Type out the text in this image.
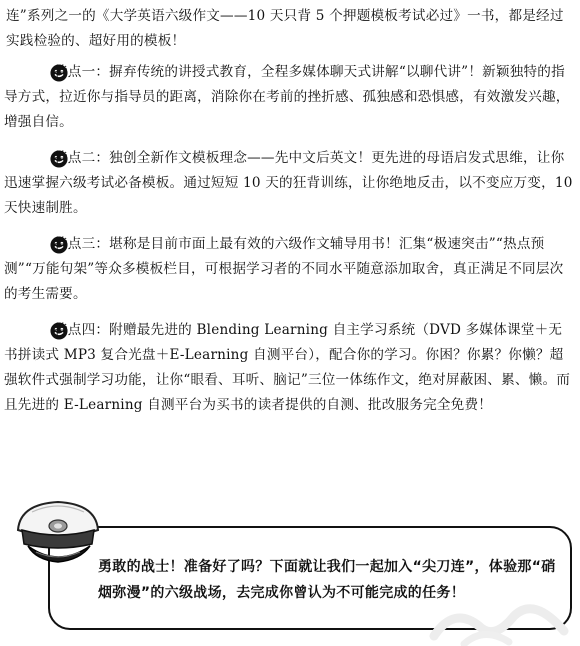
连”系列之一的《大学英语六级作文——10 天只背 5 个押题模板考试必过》一书，都是经过实践检验的、超好用的模板！
特点一：摒弃传统的讲授式教育，全程多媒体聊天式讲解“以聊代讲”！新颖独特的指导方式，拉近你与指导员的距离，消除你在考前的挫折感、孤独感和恐惧感，有效激发兴趣，增强自信。
特点二：独创全新作文模板理念——先中文后英文！更先进的母语启发式思维，让你迅速掌握六级考试必备模板。通过短短 10 天的狂背训练，让你绝地反击，以不变应万变，10 天快速制胜。
特点三：堪称是目前市面上最有效的六级作文辅导用书！汇集“极速突击”“热点预测”“万能句架”等众多模板栏目，可根据学习者的不同水平随意添加取舍，真正满足不同层次的考生需要。
特点四：附赠最先进的 Blending Learning 自主学习系统（DVD 多媒体课堂＋无书拼读式 MP3 复合光盘＋E-Learning 自测平台），配合你的学习。你困？你累？你懒？超强软件式强制学习功能，让你“眼看、耳听、脑记”三位一体练作文，绝对屏蔽困、累、懒。而且先进的 E-Learning 自测平台为买书的读者提供的自测、批改服务完全免费！
勇敢的战士！准备好了吗？下面就让我们一起加入“尖刀连”，体验那“硝烟弥漫”的六级战场，去完成你曾认为不可能完成的任务！
